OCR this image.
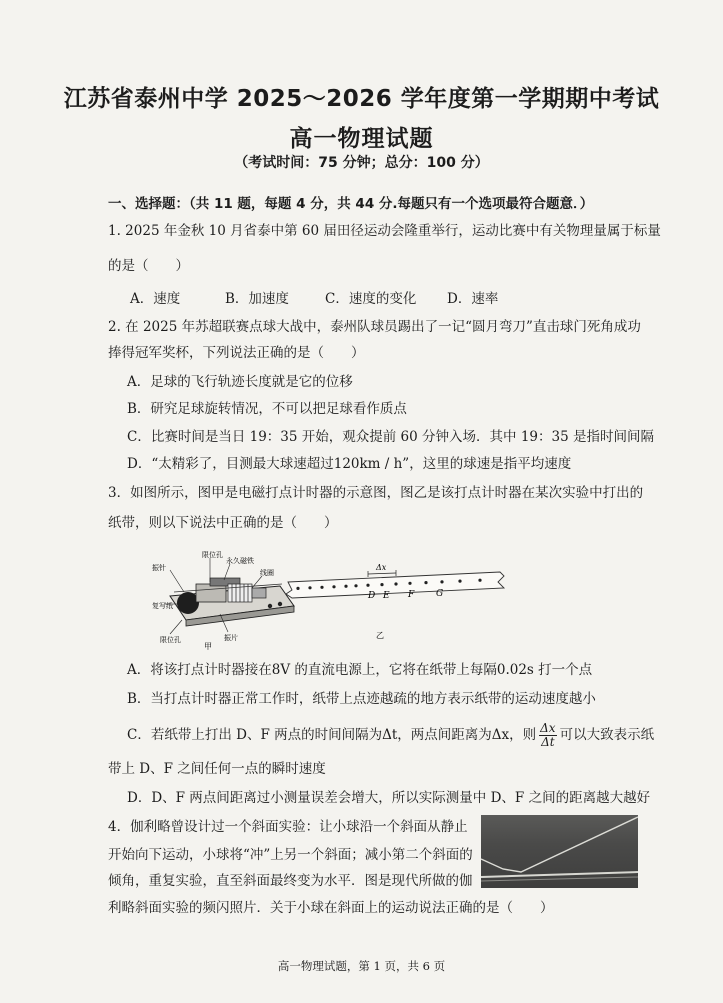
江苏省泰州中学 2025～2026 学年度第一学期期中考试
高一物理试题
（考试时间：75 分钟；总分：100 分）
一、选择题：（共 11 题，每题 4 分，共 44 分.每题只有一个选项最符合题意．）
1. 2025 年金秋 10 月省泰中第 60 届田径运动会隆重举行，运动比赛中有关物理量属于标量
的是（　　）
A．速度	B．加速度	C．速度的变化 D．速率
2. 在 2025 年苏超联赛点球大战中，泰州队球员踢出了一记“圆月弯刀”直击球门死角成功
捧得冠军奖杯，下列说法正确的是（　　）
A．足球的飞行轨迹长度就是它的位移
B．研究足球旋转情况，不可以把足球看作质点
C．比赛时间是当日 19：35 开始，观众提前 60 分钟入场．其中 19：35 是指时间间隔
D．“太精彩了，目测最大球速超过120km / h”，这里的球速是指平均速度
3．如图所示，图甲是电磁打点计时器的示意图，图乙是该打点计时器在某次实验中打出的
纸带，则以下说法中正确的是（　　）
振针
限位孔
永久磁铁
线圈
复写纸
限位孔	振片
甲
Δx
D E F G
乙
A．将该打点计时器接在8V 的直流电源上，它将在纸带上每隔0.02s 打一个点
B．当打点计时器正常工作时，纸带上点迹越疏的地方表示纸带的运动速度越小
C．若纸带上打出 D、F 两点的时间间隔为Δt，两点间距离为Δx，则 $\frac{\Delta x}{\Delta t}$ 可以大致表示纸
带上 D、F 之间任何一点的瞬时速度
D．D、F 两点间距离过小测量误差会增大，所以实际测量中 D、F 之间的距离越大越好
4．伽利略曾设计过一个斜面实验：让小球沿一个斜面从静止
开始向下运动，小球将“冲”上另一个斜面；减小第二个斜面的
倾角，重复实验，直至斜面最终变为水平．图是现代所做的伽
利略斜面实验的频闪照片．关于小球在斜面上的运动说法正确的是（　　）
高一物理试题，第 1 页，共 6 页
